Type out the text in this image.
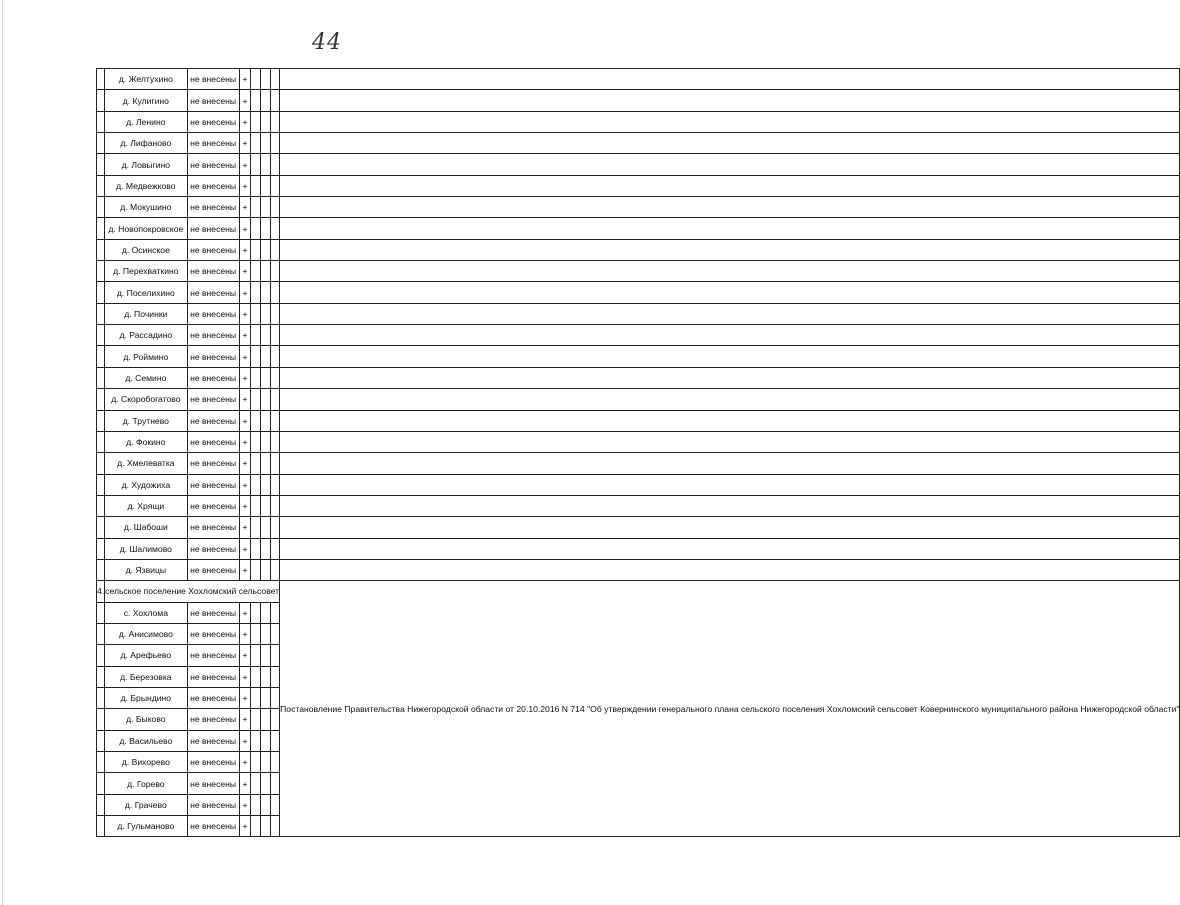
44
	д. Желтухино	не внесены	+				
	д. Кулигино	не внесены	+				
	д. Ленино	не внесены	+				
	д. Лифаново	не внесены	+				
	д. Ловыгино	не внесены	+				
	д. Медвежково	не внесены	+				
	д. Мокушино	не внесены	+				
	д. Новопокровское	не внесены	+				
	д. Осинское	не внесены	+				
	д. Перехваткино	не внесены	+				
	д. Поселихино	не внесены	+				
	д. Починки	не внесены	+				
	д. Рассадино	не внесены	+				
	д. Роймино	не внесены	+				
	д. Семино	не внесены	+				
	д. Скоробогатово	не внесены	+				
	д. Трутнево	не внесены	+				
	д. Фокино	не внесены	+				
	д. Хмелеватка	не внесены	+				
	д. Художиха	не внесены	+				
	д. Хрящи	не внесены	+				
	д. Шабоши	не внесены	+				
	д. Шалимово	не внесены	+				
	д. Язвицы	не внесены	+				
4.	сельское поселение Хохломский сельсовет						Постановление Правительства Нижегородской области от 20.10.2016 N 714 "Об утверждении генерального плана сельского поселения Хохломский сельсовет Ковернинского муниципального района Нижегородской области"
	с. Хохлома	не внесены	+				
	д. Анисимово	не внесены	+				
	д. Арефьево	не внесены	+				
	д. Березовка	не внесены	+				
	д. Брындино	не внесены	+				
	д. Быково	не внесены	+				
	д. Васильево	не внесены	+				
	д. Вихорево	не внесены	+				
	д. Горево	не внесены	+				
	д. Грачево	не внесены	+				
	д. Гульманово	не внесены	+				
